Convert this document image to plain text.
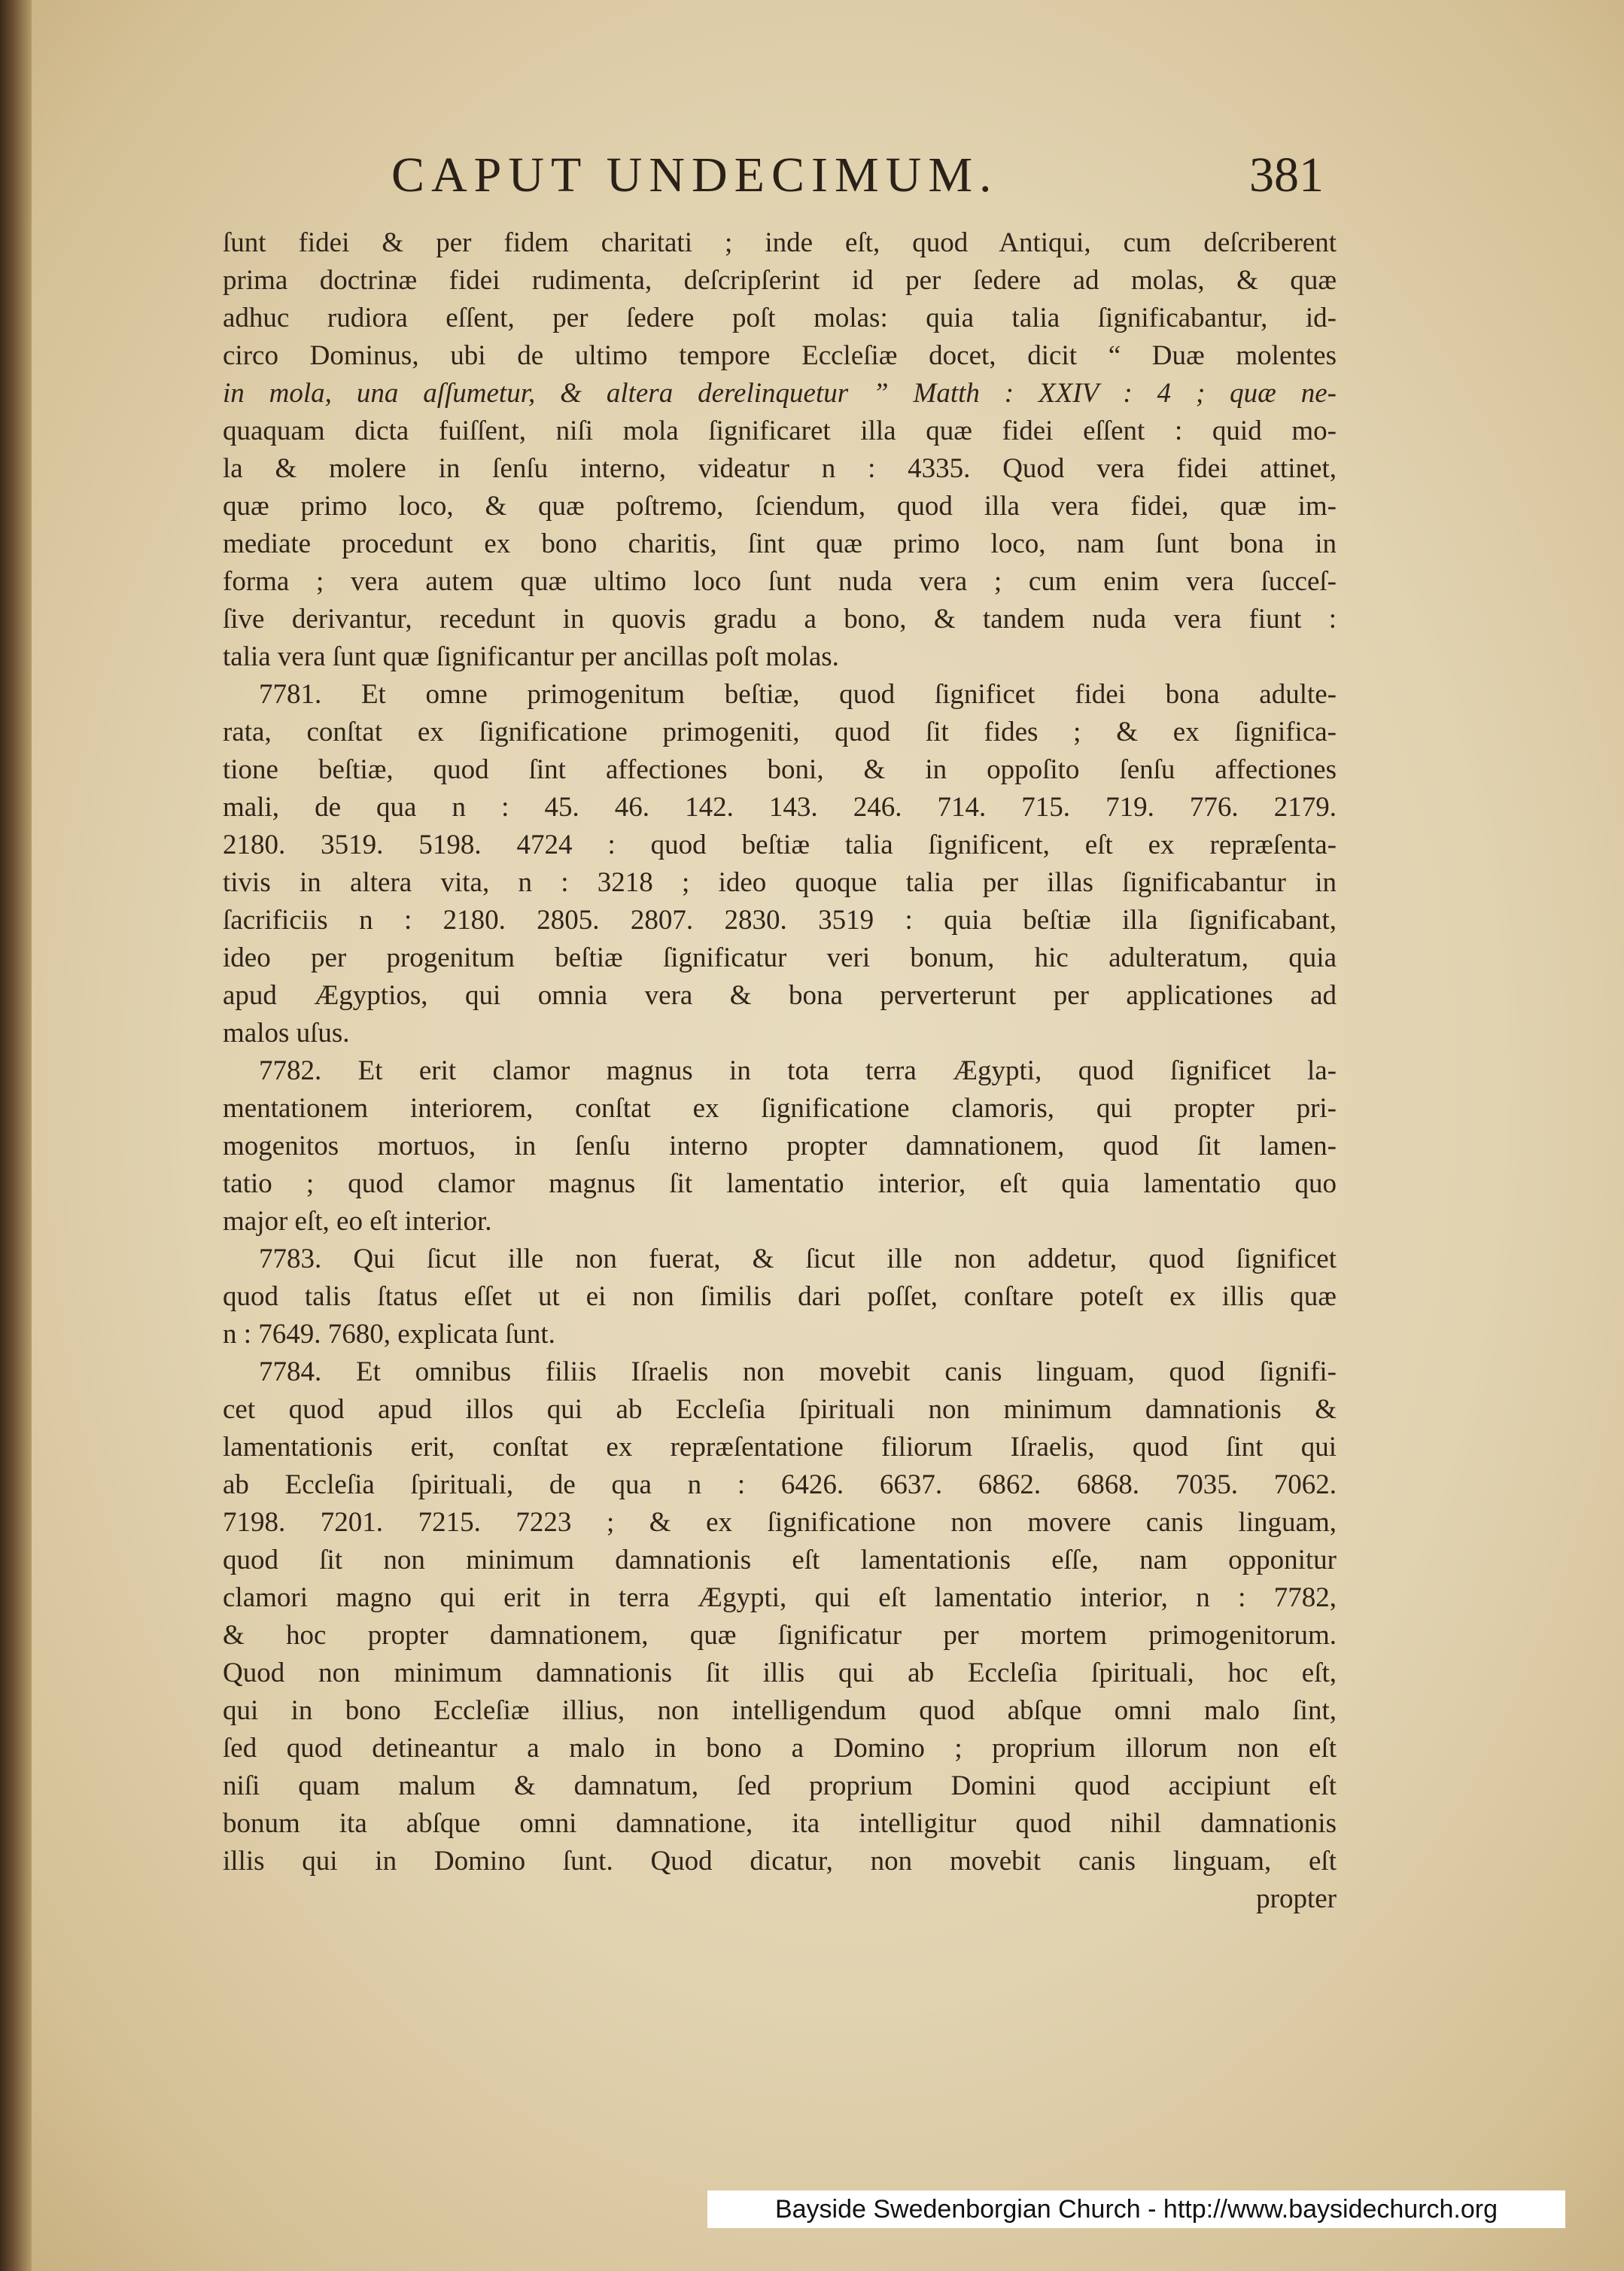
CAPUT UNDECIMUM.	381
ſunt fidei & per fidem charitati ; inde eſt, quod Antiqui, cum deſcriberent
prima doctrinæ fidei rudimenta, deſcripſerint id per ſedere ad molas, & quæ
adhuc rudiora eſſent, per ſedere poſt molas: quia talia ſignificabantur, id-
circo Dominus, ubi de ultimo tempore Eccleſiæ docet, dicit “ Duæ molentes
in mola, una aſſumetur, & altera derelinquetur ” Matth : XXIV : 4 ; quæ ne-
quaquam dicta fuiſſent, niſi mola ſignificaret illa quæ fidei eſſent : quid mo-
la & molere in ſenſu interno, videatur n : 4335. Quod vera fidei attinet,
quæ primo loco, & quæ poſtremo, ſciendum, quod illa vera fidei, quæ im-
mediate procedunt ex bono charitis, ſint quæ primo loco, nam ſunt bona in
forma ; vera autem quæ ultimo loco ſunt nuda vera ; cum enim vera ſucceſ-
ſive derivantur, recedunt in quovis gradu a bono, & tandem nuda vera fiunt :
talia vera ſunt quæ ſignificantur per ancillas poſt molas.
7781. Et omne primogenitum beſtiæ, quod ſignificet fidei bona adulte-
rata, conſtat ex ſignificatione primogeniti, quod ſit fides ; & ex ſignifica-
tione beſtiæ, quod ſint affectiones boni, & in oppoſito ſenſu affectiones
mali, de qua n : 45. 46. 142. 143. 246. 714. 715. 719. 776. 2179.
2180. 3519. 5198. 4724 : quod beſtiæ talia ſignificent, eſt ex repræſenta-
tivis in altera vita, n : 3218 ; ideo quoque talia per illas ſignificabantur in
ſacrificiis n : 2180. 2805. 2807. 2830. 3519 : quia beſtiæ illa ſignificabant,
ideo per progenitum beſtiæ ſignificatur veri bonum, hic adulteratum, quia
apud Ægyptios, qui omnia vera & bona perverterunt per applicationes ad
malos uſus.
7782. Et erit clamor magnus in tota terra Ægypti, quod ſignificet la-
mentationem interiorem, conſtat ex ſignificatione clamoris, qui propter pri-
mogenitos mortuos, in ſenſu interno propter damnationem, quod ſit lamen-
tatio ; quod clamor magnus ſit lamentatio interior, eſt quia lamentatio quo
major eſt, eo eſt interior.
7783. Qui ſicut ille non fuerat, & ſicut ille non addetur, quod ſignificet
quod talis ſtatus eſſet ut ei non ſimilis dari poſſet, conſtare poteſt ex illis quæ
n : 7649. 7680, explicata ſunt.
7784. Et omnibus filiis Iſraelis non movebit canis linguam, quod ſignifi-
cet quod apud illos qui ab Eccleſia ſpirituali non minimum damnationis &
lamentationis erit, conſtat ex repræſentatione filiorum Iſraelis, quod ſint qui
ab Eccleſia ſpirituali, de qua n : 6426. 6637. 6862. 6868. 7035. 7062.
7198. 7201. 7215. 7223 ; & ex ſignificatione non movere canis linguam,
quod ſit non minimum damnationis eſt lamentationis eſſe, nam opponitur
clamori magno qui erit in terra Ægypti, qui eſt lamentatio interior, n : 7782,
& hoc propter damnationem, quæ ſignificatur per mortem primogenitorum.
Quod non minimum damnationis ſit illis qui ab Eccleſia ſpirituali, hoc eſt,
qui in bono Eccleſiæ illius, non intelligendum quod abſque omni malo ſint,
ſed quod detineantur a malo in bono a Domino ; proprium illorum non eſt
niſi quam malum & damnatum, ſed proprium Domini quod accipiunt eſt
bonum ita abſque omni damnatione, ita intelligitur quod nihil damnationis
illis qui in Domino ſunt. Quod dicatur, non movebit canis linguam, eſt
propter
Bayside Swedenborgian Church - http://www.baysidechurch.org
